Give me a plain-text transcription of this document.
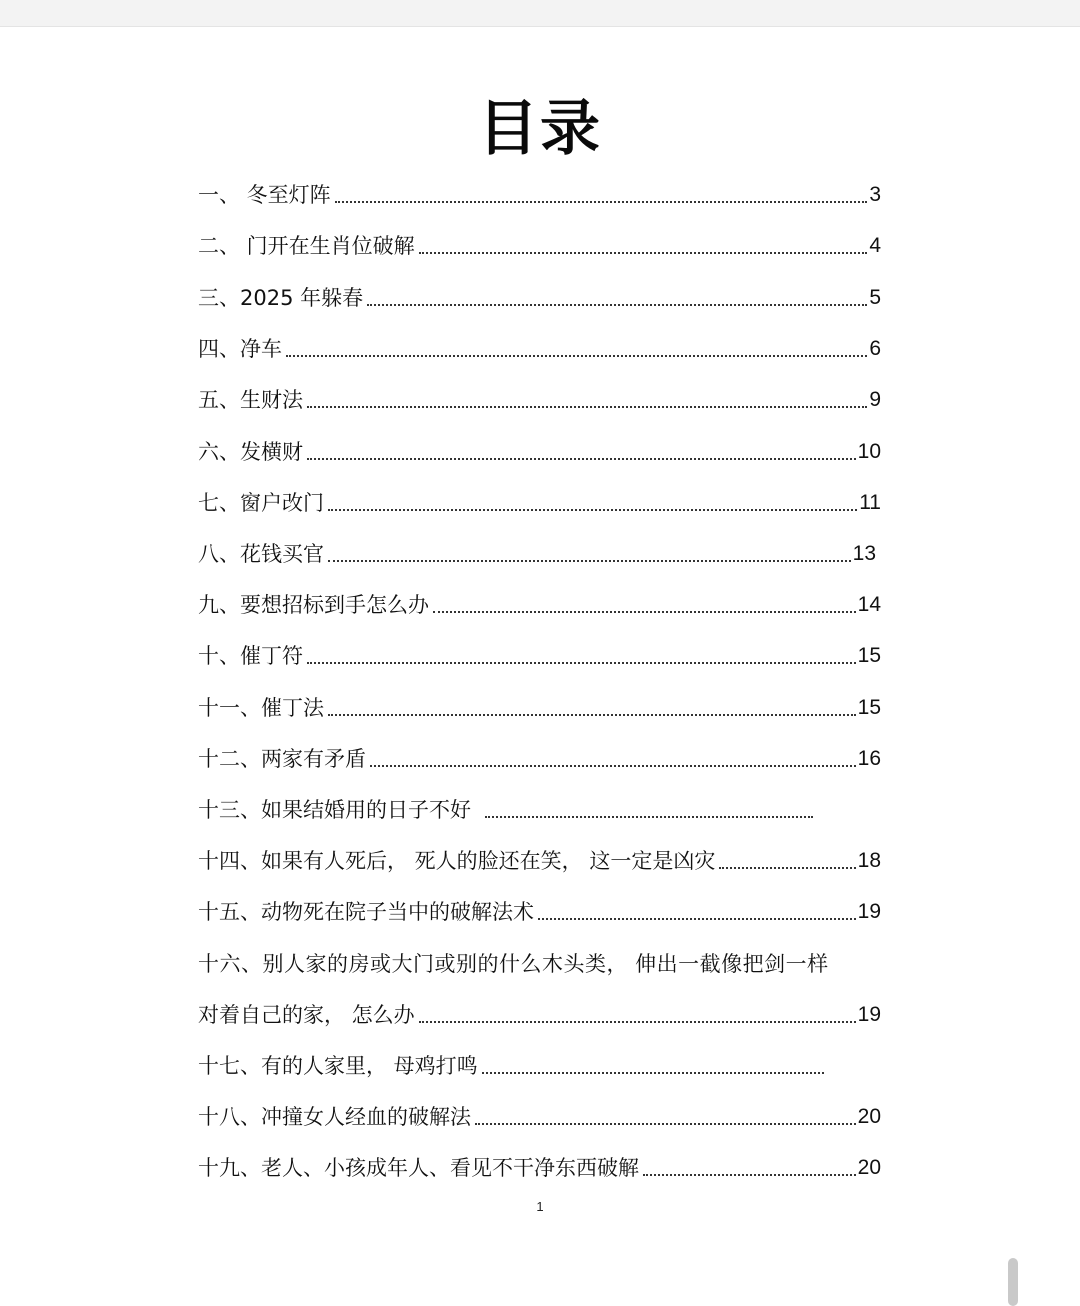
目录
一、 冬至灯阵	3
二、 门开在生肖位破解	4
三、2025 年躲春	5
四、净车	6
五、生财法	9
六、发横财	10
七、窗户改门	11
八、花钱买官	13
九、要想招标到手怎么办	14
十、催丁符	15
十一、催丁法	15
十二、两家有矛盾	16
十三、如果结婚用的日子不好
十四、如果有人死后， 死人的脸还在笑， 这一定是凶灾	18
十五、动物死在院子当中的破解法术	19
十六、别人家的房或大门或别的什么木头类， 伸出一截像把剑一样
对着自己的家， 怎么办	19
十七、有的人家里， 母鸡打鸣
十八、冲撞女人经血的破解法	20
十九、老人、小孩成年人、看见不干净东西破解	20
1
